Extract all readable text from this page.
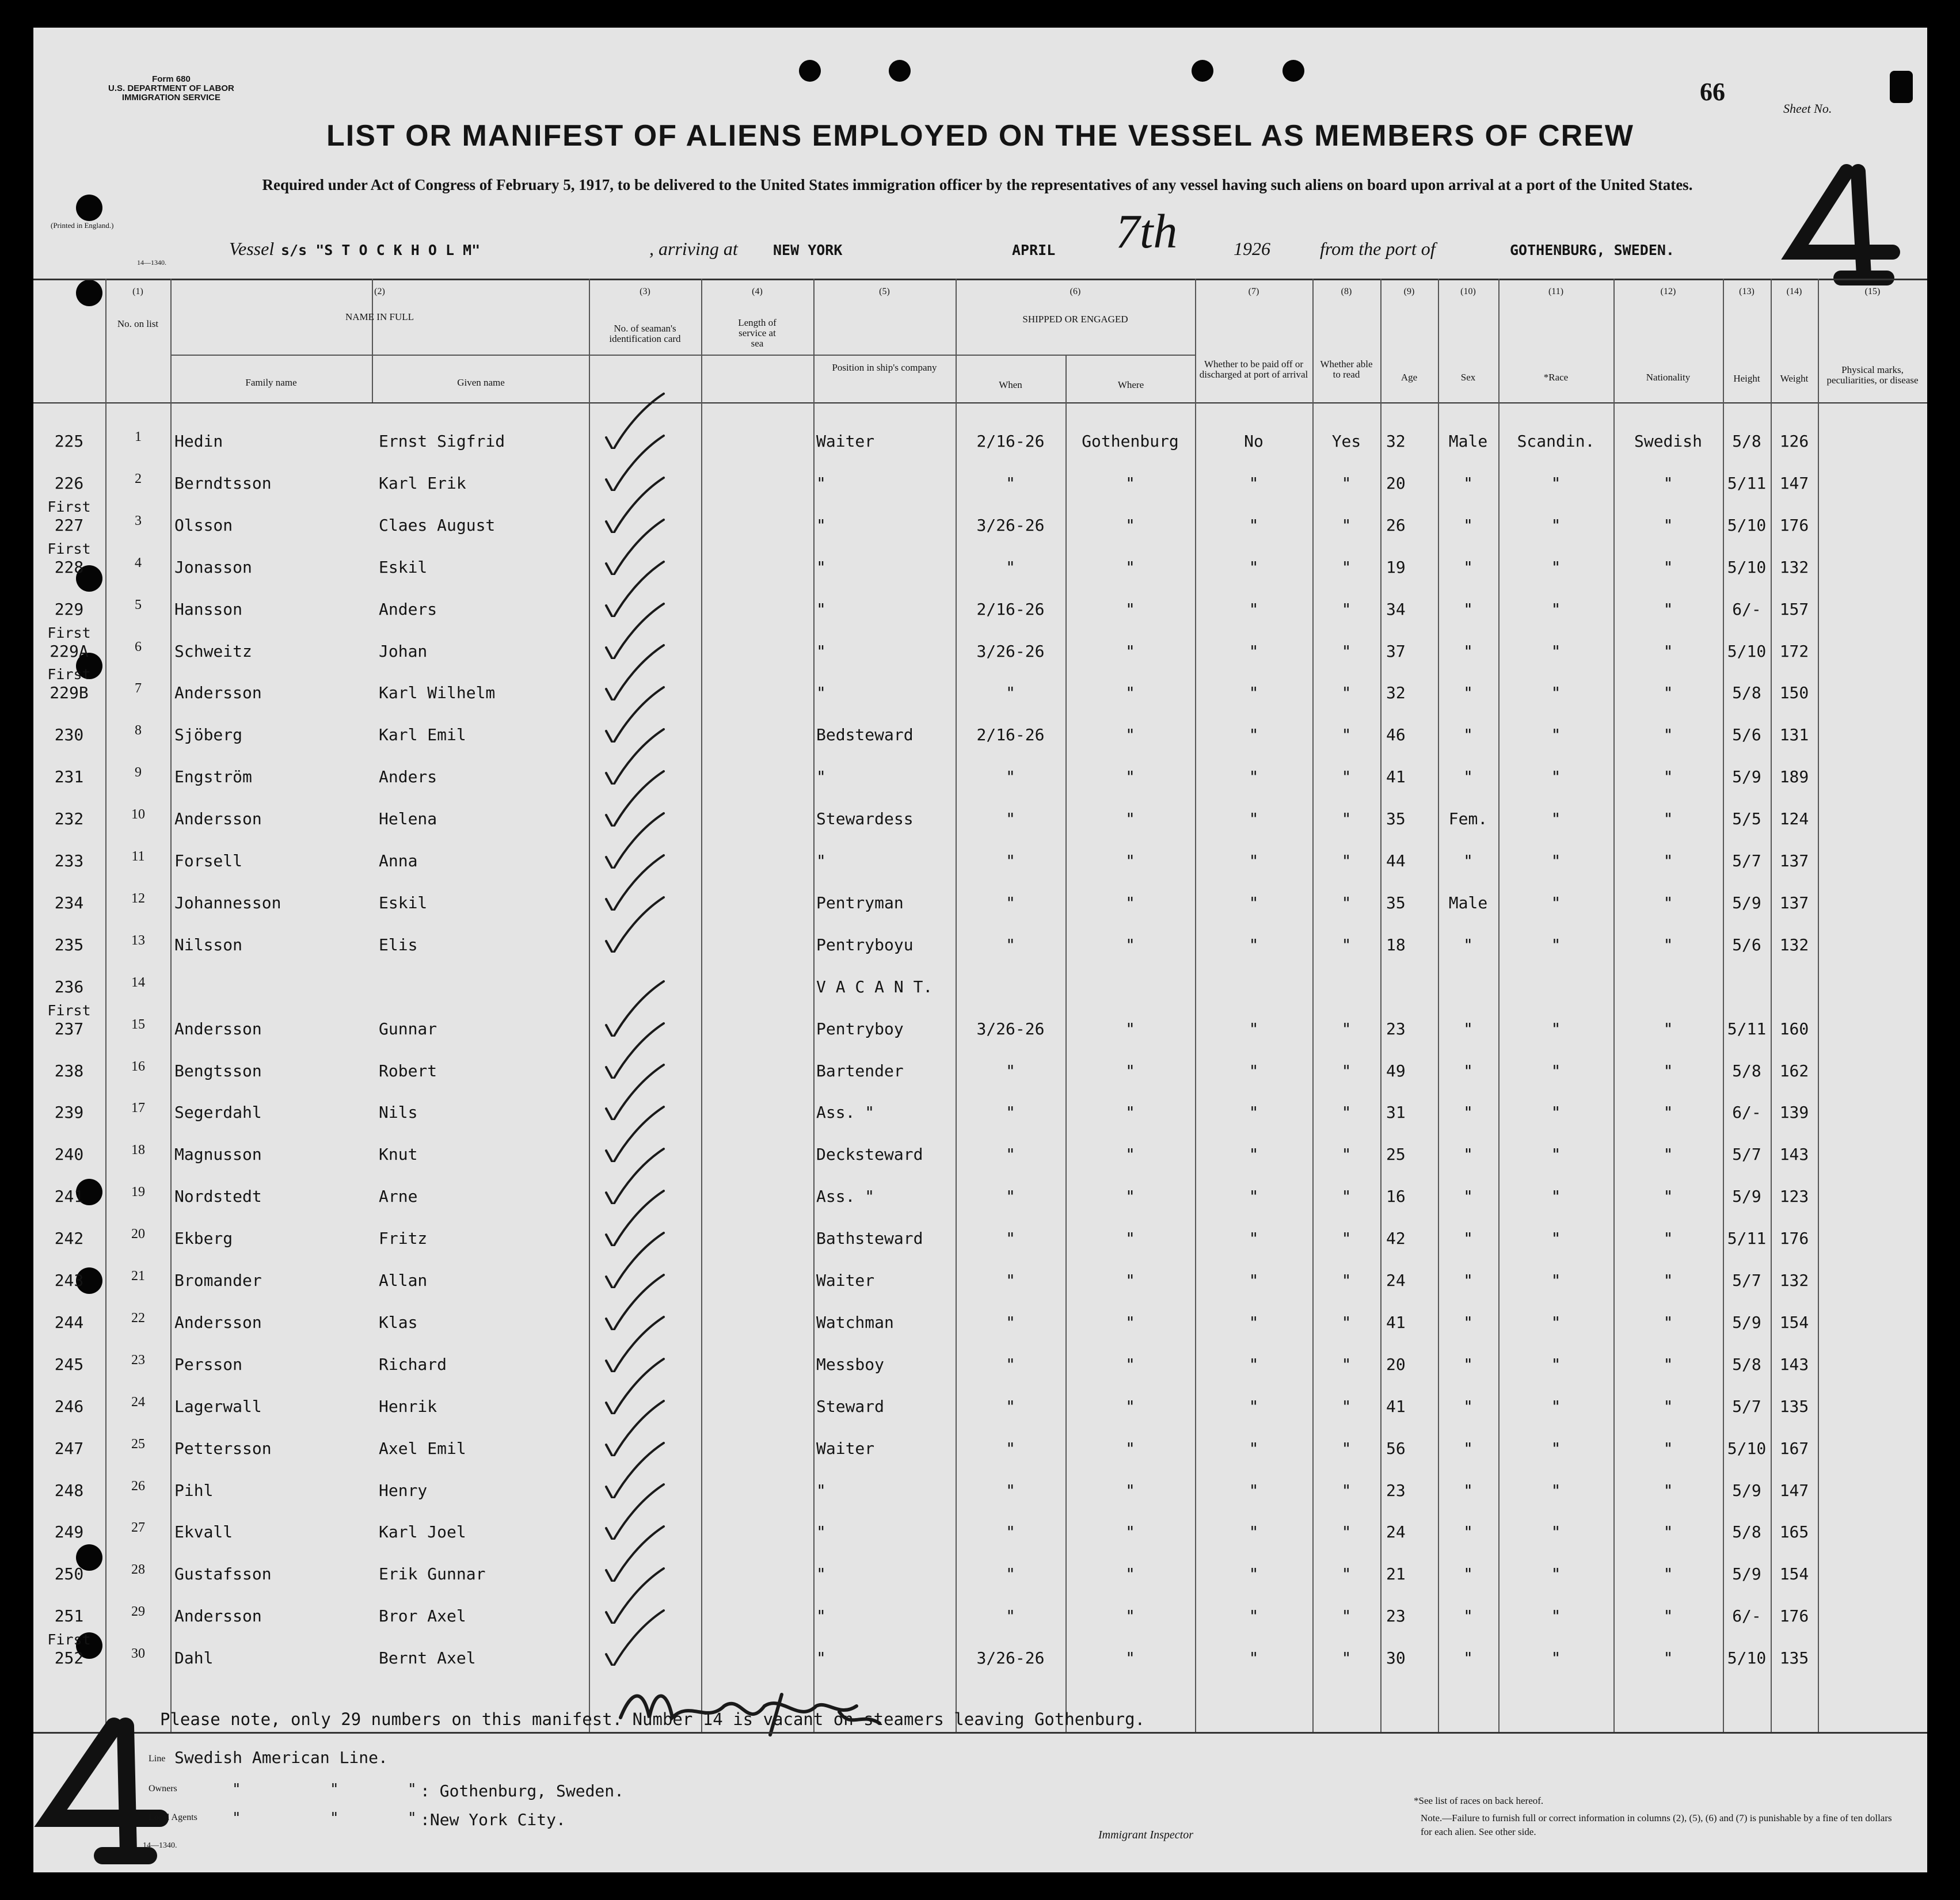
Form 680
U.S. DEPARTMENT OF LABOR
IMMIGRATION SERVICE	66
Sheet No.
4
LIST OR MANIFEST OF ALIENS EMPLOYED ON THE VESSEL AS MEMBERS OF CREW
Required under Act of Congress of February 5, 1917, to be delivered to the United States immigration officer by the representatives of any vessel having such aliens on board upon arrival at a port of the United States.
(Printed in England.)
14—1340.
Vessel s/s "S T O C K H O L M"	, arriving at NEW YORK	APRIL 7th	1926	from the port of	GOTHENBURG, SWEDEN.
(1)
No. on list
(2)
NAME IN FULL
Family name	Given name
(3)
No. of seaman's identification card
(4)
Length of service at sea
(5)
Position in ship's company
(6)
SHIPPED OR ENGAGED
When	Where
(7)
Whether to be paid off or discharged at port of arrival
(8)
Whether able to read
(9)
Age
(10)
Sex
(11)
*Race
(12)
Nationality
(13)
Height
(14)
Weight
(15)
Physical marks, peculiarities, or disease
225	1	Hedin	Ernst Sigfrid	Waiter	2/16-26	Gothenburg	No	Yes	32	Male	Scandin.	Swedish	5/8	126
226	2	Berndtsson	Karl Erik	"	"	"	"	"	20	"	"	"	5/11 147
First
227	3	Olsson	Claes August	"	3/26-26	"	"	"	26	"	"	"	5/10 176
First
228	4	Jonasson	Eskil	"	"	"	"	"	19	"	"	"	5/10 132
229	5	Hansson	Anders	"	2/16-26	"	"	"	34	"	"	"	6/-	157
First
229A	6	Schweitz	Johan	"	3/26-26	"	"	"	37	"	"	"	5/10 172
First
229B	7	Andersson	Karl Wilhelm	"	"	"	"	"	32	"	"	"	5/8	150
230	8	Sjöberg	Karl Emil	Bedsteward	2/16-26	"	"	"	46	"	"	"	5/6	131
231	9	Engström	Anders	"	"	"	"	"	41	"	"	"	5/9	189
232	10	Andersson	Helena	Stewardess	"	"	"	"	35	Fem.	"	"	5/5	124
233	11	Forsell	Anna	"	"	"	"	"	44	"	"	"	5/7	137
234	12	Johannesson	Eskil	Pentryman	"	"	"	"	35	Male	"	"	5/9	137
235	13	Nilsson	Elis	Pentryboyu	"	"	"	"	18	"	"	"	5/6	132
236	14	V A C A N T.
First
237	15	Andersson	Gunnar	Pentryboy	3/26-26	"	"	"	23	"	"	"	5/11 160
238	16	Bengtsson	Robert	Bartender	"	"	"	"	49	"	"	"	5/8	162
239	17	Segerdahl	Nils	Ass. "	"	"	"	"	31	"	"	"	6/-	139
240	18	Magnusson	Knut	Decksteward	"	"	"	"	25	"	"	"	5/7	143
241	19	Nordstedt	Arne	Ass. "	"	"	"	"	16	"	"	"	5/9	123
242	20	Ekberg	Fritz	Bathsteward	"	"	"	"	42	"	"	"	5/11 176
243	21	Bromander	Allan	Waiter	"	"	"	"	24	"	"	"	5/7	132
244	22	Andersson	Klas	Watchman	"	"	"	"	41	"	"	"	5/9	154
245	23	Persson	Richard	Messboy	"	"	"	"	20	"	"	"	5/8	143
246	24	Lagerwall	Henrik	Steward	"	"	"	"	41	"	"	"	5/7	135
247	25	Pettersson	Axel Emil	Waiter	"	"	"	"	56	"	"	"	5/10 167
248	26	Pihl	Henry	"	"	"	"	"	23	"	"	"	5/9	147
249	27	Ekvall	Karl Joel	"	"	"	"	"	24	"	"	"	5/8	165
250	28	Gustafsson	Erik Gunnar	"	"	"	"	"	21	"	"	"	5/9	154
251	29	Andersson	Bror Axel	"	"	"	"	"	23	"	"	"	6/-	176
First
252	30	Dahl	Bernt Axel	"	3/26-26	"	"	"	30	"	"	"	5/10 135
Please note, only 29 numbers on this manifest. Number 14 is vacant on steamers leaving Gothenburg.
W. Lenz Insp.
Line Swedish American Line.
Owners	"	"	" : Gothenburg, Sweden.
Local Agents "	"	" :New York City.
14—1340.
Immigrant Inspector
*See list of races on back hereof.
Note.—Failure to furnish full or correct information in columns (2), (5), (6) and (7) is punishable by a fine of ten dollars for each alien. See other side.
